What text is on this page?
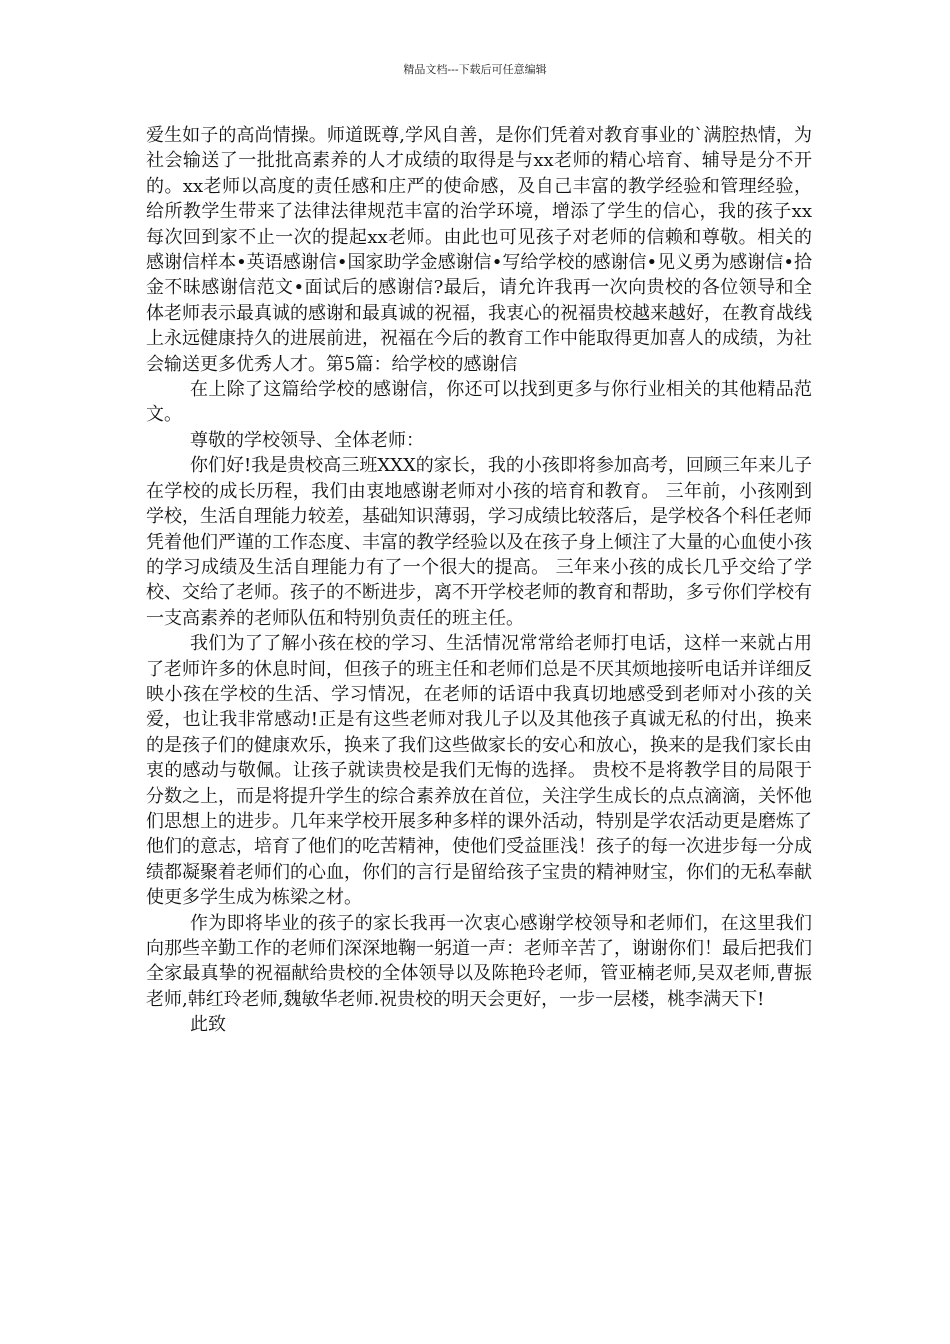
精品文档---下载后可任意编辑

爱生如子的高尚情操。师道既尊,学风自善，是你们凭着对教育事业的`满腔热情，为社会输送了一批批高素养的人才成绩的取得是与xx老师的精心培育、辅导是分不开的。xx老师以高度的责任感和庄严的使命感，及自己丰富的教学经验和管理经验，给所教学生带来了法律法律规范丰富的治学环境，增添了学生的信心，我的孩子xx每次回到家不止一次的提起xx老师。由此也可见孩子对老师的信赖和尊敬。相关的感谢信样本•英语感谢信•国家助学金感谢信•写给学校的感谢信•见义勇为感谢信•拾金不昧感谢信范文•面试后的感谢信?最后，请允许我再一次向贵校的各位领导和全体老师表示最真诚的感谢和最真诚的祝福，我衷心的祝福贵校越来越好，在教育战线上永远健康持久的进展前进，祝福在今后的教育工作中能取得更加喜人的成绩，为社会输送更多优秀人才。第5篇：给学校的感谢信

在上除了这篇给学校的感谢信，你还可以找到更多与你行业相关的其他精品范文。

尊敬的学校领导、全体老师：

你们好!我是贵校高三班XXX的家长，我的小孩即将参加高考，回顾三年来儿子在学校的成长历程，我们由衷地感谢老师对小孩的培育和教育。 三年前，小孩刚到学校，生活自理能力较差，基础知识薄弱，学习成绩比较落后，是学校各个科任老师凭着他们严谨的工作态度、丰富的教学经验以及在孩子身上倾注了大量的心血使小孩的学习成绩及生活自理能力有了一个很大的提高。 三年来小孩的成长几乎交给了学校、交给了老师。孩子的不断进步，离不开学校老师的教育和帮助，多亏你们学校有一支高素养的老师队伍和特别负责任的班主任。

我们为了了解小孩在校的学习、生活情况常常给老师打电话，这样一来就占用了老师许多的休息时间，但孩子的班主任和老师们总是不厌其烦地接听电话并详细反映小孩在学校的生活、学习情况，在老师的话语中我真切地感受到老师对小孩的关爱，也让我非常感动!正是有这些老师对我儿子以及其他孩子真诚无私的付出，换来的是孩子们的健康欢乐，换来了我们这些做家长的安心和放心，换来的是我们家长由衷的感动与敬佩。让孩子就读贵校是我们无悔的选择。 贵校不是将教学目的局限于分数之上，而是将提升学生的综合素养放在首位，关注学生成长的点点滴滴，关怀他们思想上的进步。几年来学校开展多种多样的课外活动，特别是学农活动更是磨炼了他们的意志，培育了他们的吃苦精神，使他们受益匪浅！孩子的每一次进步每一分成绩都凝聚着老师们的心血，你们的言行是留给孩子宝贵的精神财宝，你们的无私奉献使更多学生成为栋梁之材。

作为即将毕业的孩子的家长我再一次衷心感谢学校领导和老师们，在这里我们向那些辛勤工作的老师们深深地鞠一躬道一声：老师辛苦了，谢谢你们！最后把我们全家最真挚的祝福献给贵校的全体领导以及陈艳玲老师，管亚楠老师,吴双老师,曹振老师,韩红玲老师,魏敏华老师.祝贵校的明天会更好，一步一层楼，桃李满天下!

此致
